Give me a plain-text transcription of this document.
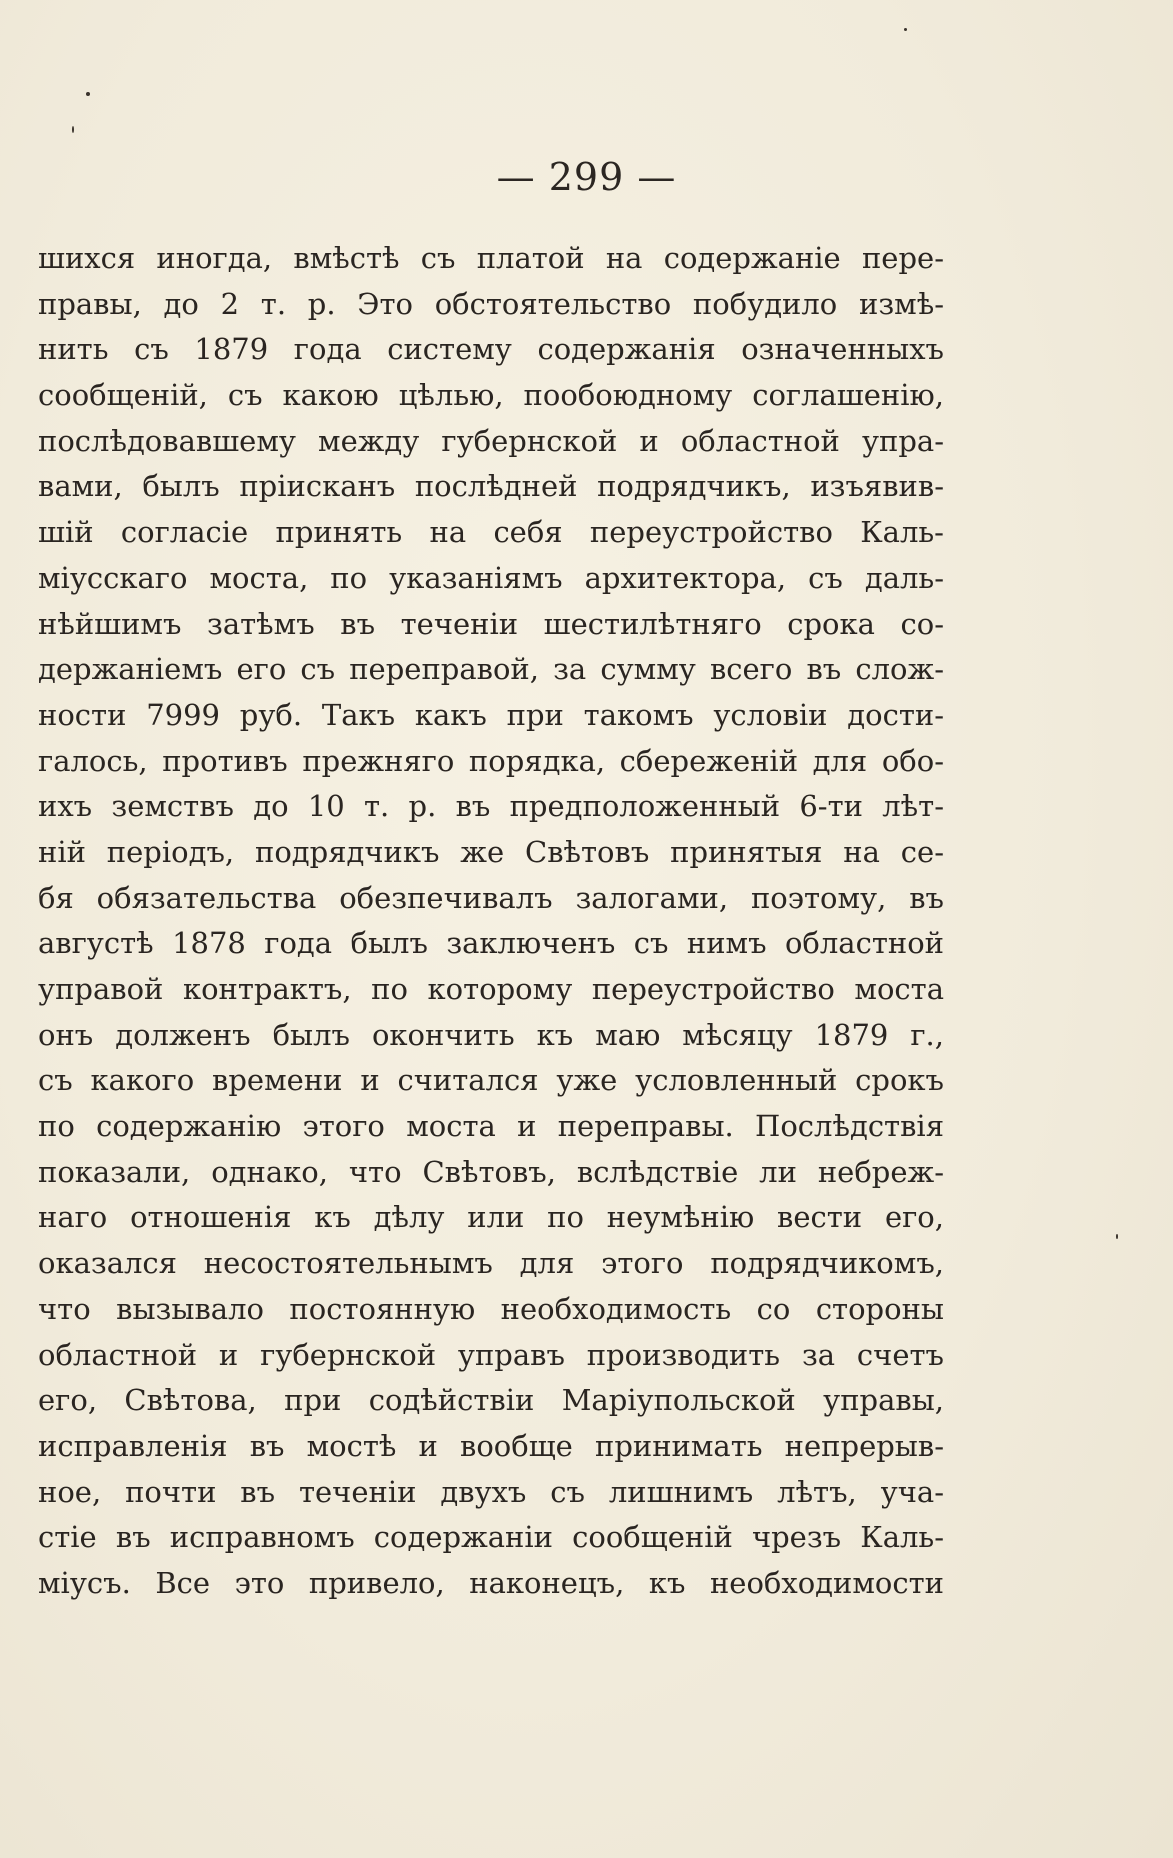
— 299 —
шихся иногда, вмѣстѣ съ платой на содержаніе пере-
правы, до 2 т. р. Это обстоятельство побудило измѣ-
нить съ 1879 года систему содержанія означенныхъ
сообщеній, съ какою цѣлью, пообоюдному соглашенію,
послѣдовавшему между губернской и областной упра-
вами, былъ пріисканъ послѣдней подрядчикъ, изъявив-
шій согласіе принять на себя переустройство Каль-
міусскаго моста, по указаніямъ архитектора, съ даль-
нѣйшимъ затѣмъ въ теченіи шестилѣтняго срока со-
держаніемъ его съ переправой, за сумму всего въ слож-
ности 7999 руб. Такъ какъ при такомъ условіи дости-
галось, противъ прежняго порядка, сбереженій для обо-
ихъ земствъ до 10 т. р. въ предположенный 6-ти лѣт-
ній періодъ, подрядчикъ же Свѣтовъ принятыя на се-
бя обязательства обезпечивалъ залогами, поэтому, въ
августѣ 1878 года былъ заключенъ съ нимъ областной
управой контрактъ, по которому переустройство моста
онъ долженъ былъ окончить къ маю мѣсяцу 1879 г.,
съ какого времени и считался уже условленный срокъ
по содержанію этого моста и переправы. Послѣдствія
показали, однако, что Свѣтовъ, вслѣдствіе ли небреж-
наго отношенія къ дѣлу или по неумѣнію вести его,
оказался несостоятельнымъ для этого подрядчикомъ,
что вызывало постоянную необходимость со стороны
областной и губернской управъ производить за счетъ
его, Свѣтова, при содѣйствіи Маріупольской управы,
исправленія въ мостѣ и вообще принимать непрерыв-
ное, почти въ теченіи двухъ съ лишнимъ лѣтъ, уча-
стіе въ исправномъ содержаніи сообщеній чрезъ Каль-
міусъ. Все это привело, наконецъ, къ необходимости
